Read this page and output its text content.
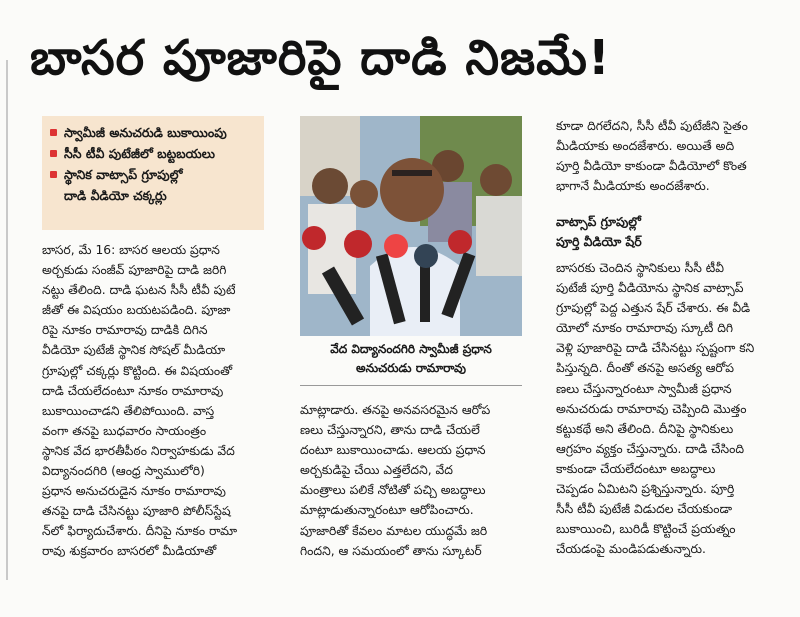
బాసర పూజారిపై దాడి నిజమే!
స్వామీజీ అనుచరుడి బుకాయింపు
సీసీ టీవీ పుటేజీలో బట్టబయలు
స్థానిక వాట్సాప్ గ్రూపుల్లో
దాడి వీడియో చక్కర్లు
బాసర, మే 16: బాసర ఆలయ ప్రధాన
అర్చకుడు సంజీవ్ పూజారిపై దాడి జరిగి
నట్టు తేలింది. దాడి ఘటన సీసీ టీవీ పుటే
జీతో ఈ విషయం బయటపడింది. పూజా
రిపై నూకం రామారావు దాడికి దిగిన
వీడియో పుటేజీ స్థానిక సోషల్ మీడియా
గ్రూపుల్లో చక్కర్లు కొట్టింది. ఈ విషయంతో
దాడి చేయలేదంటూ నూకం రామారావు
బుకాయించాడని తేలిపోయింది. వాస్త
వంగా తనపై బుధవారం సాయంత్రం
స్థానిక వేద భారతీపీఠం నిర్వాహకుడు వేద
విద్యానందగిరి (ఆంధ్ర స్వాములోరి)
ప్రధాన అనుచరుడైన నూకం రామారావు
తనపై దాడి చేసినట్టు పూజారి పోలీస్‌స్టేష
న్‌లో ఫిర్యాదుచేశారు. దీనిపై నూకం రామా
రావు శుక్రవారం బాసరలో మీడియాతో
వేద విద్యానందగిరి స్వామీజీ ప్రధాన
అనుచరుడు రామారావు
మాట్లాడారు. తనపై అనవసరమైన ఆరోప
ణలు చేస్తున్నారని, తాను దాడి చేయలే
దంటూ బుకాయించాడు. ఆలయ ప్రధాన
అర్చకుడిపై చేయి ఎత్తలేదని, వేద
మంత్రాలు పలికే నోటితో పచ్చి అబద్ధాలు
మాట్లాడుతున్నారంటూ ఆరోపించారు.
పూజారితో కేవలం మాటల యుద్ధమే జరి
గిందని, ఆ సమయంలో తాను స్కూటర్
కూడా దిగలేదని, సీసీ టీవీ పుటేజీని సైతం
మీడియాకు అందజేశారు. అయితే అది
పూర్తి వీడియో కాకుండా వీడియోలో కొంత
భాగానే మీడియాకు అందజేశారు.
వాట్సాప్ గ్రూపుల్లో
పూర్తి వీడియో షేర్
బాసరకు చెందిన స్థానికులు సీసీ టీవీ
పుటేజీ పూర్తి వీడియోను స్థానిక వాట్సాప్
గ్రూపుల్లో పెద్ద ఎత్తున షేర్ చేశారు. ఈ వీడి
యోలో నూకం రామారావు స్కూటీ దిగి
వెళ్లి పూజారిపై దాడి చేసినట్టు స్పష్టంగా కని
పిస్తున్నది. దీంతో తనపై అసత్య ఆరోప
ణలు చేస్తున్నారంటూ స్వామీజీ ప్రధాన
అనుచరుడు రామారావు చెప్పింది మొత్తం
కట్టుకథే అని తేలింది. దీనిపై స్థానికులు
ఆగ్రహం వ్యక్తం చేస్తున్నారు. దాడి చేసింది
కాకుండా చేయలేదంటూ అబద్ధాలు
చెప్పడం ఏమిటని ప్రశ్నిస్తున్నారు. పూర్తి
సీసీ టీవీ పుటేజీ విడుదల చేయకుండా
బుకాయించి, బురిడీ కొట్టించే ప్రయత్నం
చేయడంపై మండిపడుతున్నారు.
